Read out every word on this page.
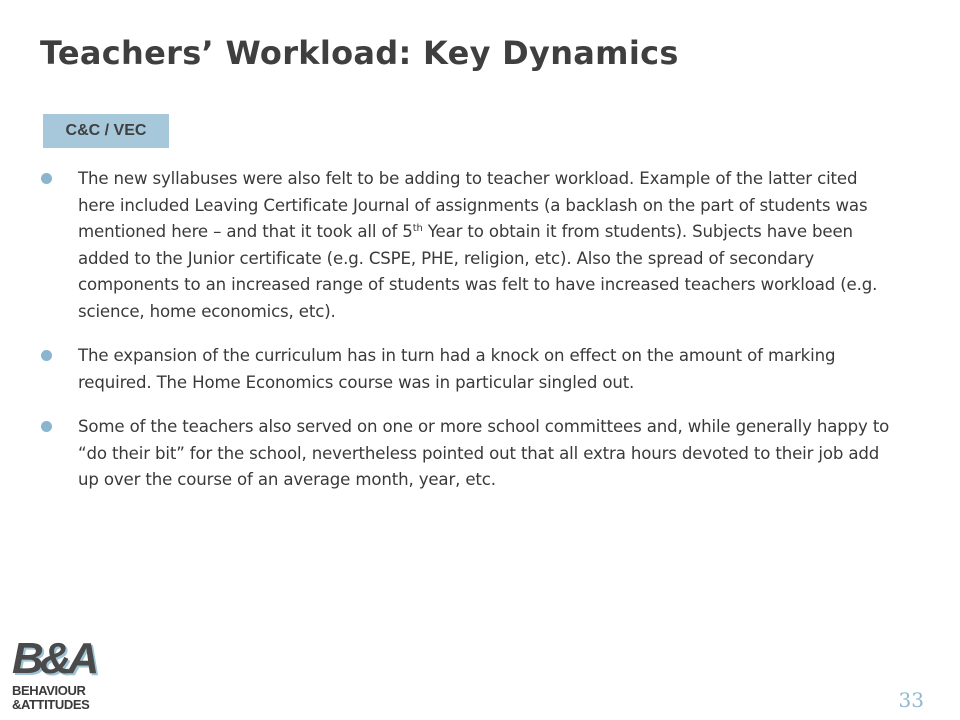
Teachers’ Workload: Key Dynamics
C&C / VEC
The new syllabuses were also felt to be adding to teacher workload. Example of the latter cited here included Leaving Certificate Journal of assignments (a backlash on the part of students was mentioned here – and that it took all of 5th Year to obtain it from students). Subjects have been added to the Junior certificate (e.g. CSPE, PHE, religion, etc). Also the spread of secondary components to an increased range of students was felt to have increased teachers workload (e.g. science, home economics, etc).
The expansion of the curriculum has in turn had a knock on effect on the amount of marking required. The Home Economics course was in particular singled out.
Some of the teachers also served on one or more school committees and, while generally happy to “do their bit” for the school, nevertheless pointed out that all extra hours devoted to their job add up over the course of an average month, year, etc.
B&A
BEHAVIOUR
&ATTITUDES	33
